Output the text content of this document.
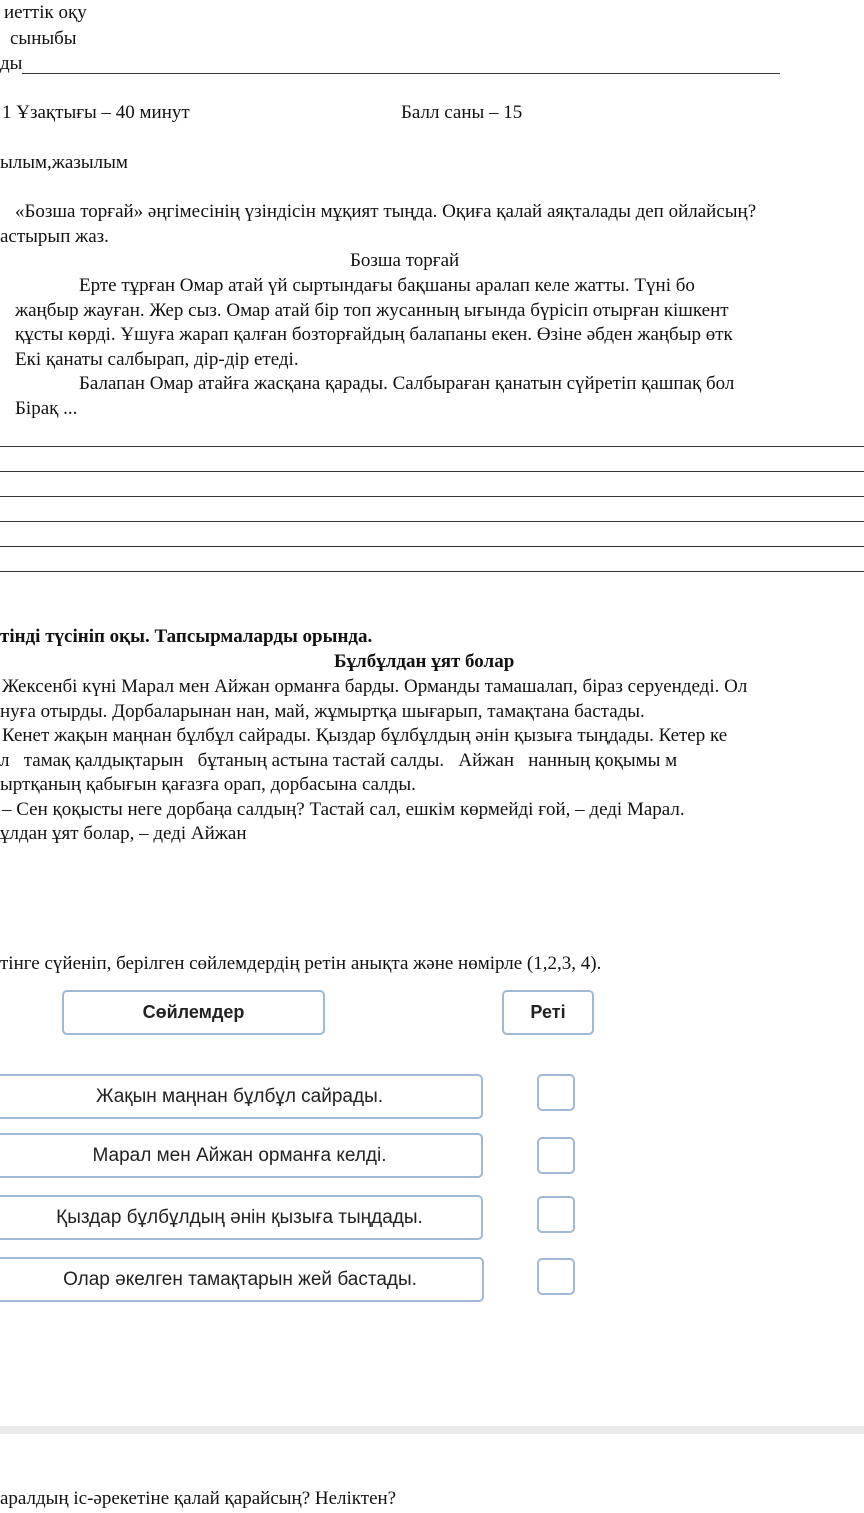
иеттік оқу
сыныбы
ды
1 Ұзақтығы – 40 минут	Балл саны – 15
ылым,жазылым
«Бозша торғай» әңгімесінің үзіндісін мұқият тыңда. Оқиға қалай аяқталады деп ойлайсың?
астырып жаз.
Бозша торғай
Ерте тұрған Омар атай үй сыртындағы бақшаны аралап келе жатты. Түні бо
жаңбыр жауған. Жер сыз. Омар атай бір топ жусанның ығында бүрісіп отырған кішкент
құсты көрді. Ұшуға жарап қалған бозторғайдың балапаны екен. Өзіне әбден жаңбыр өтк
Екі қанаты салбырап, дір-дір етеді.
Балапан Омар атайға жасқана қарады. Салбыраған қанатын сүйретіп қашпақ бол
Бірақ ...
тінді түсініп оқы. Тапсырмаларды орында.
Бұлбұлдан ұят болар
Жексенбі күні Марал мен Айжан орманға барды. Орманды тамашалап, біраз серуендеді. Ол
нуға отырды. Дорбаларынан нан, май, жұмыртқа шығарып, тамақтана бастады.
Кенет жақын маңнан бұлбұл сайрады. Қыздар бұлбұлдың әнін қызыға тыңдады. Кетер ке
л   тамақ қалдықтарын   бұтаның астына тастай салды.   Айжан   нанның қоқымы м
ыртқаның қабығын қағазға орап, дорбасына салды.
– Сен қоқысты неге дорбаңа салдың? Тастай сал, ешкім көрмейді ғой, – деді Марал.
ұлдан ұят болар, – деді Айжан
тінге сүйеніп, берілген сөйлемдердің ретін анықта және нөмірле (1,2,3, 4).
Сөйлемдер	Реті
Жақын маңнан бұлбұл сайрады.
Марал мен Айжан орманға келді.
Қыздар бұлбұлдың әнін қызыға тыңдады.
Олар әкелген тамақтарын жей бастады.
аралдың іс-әрекетіне қалай қарайсың? Неліктен?
